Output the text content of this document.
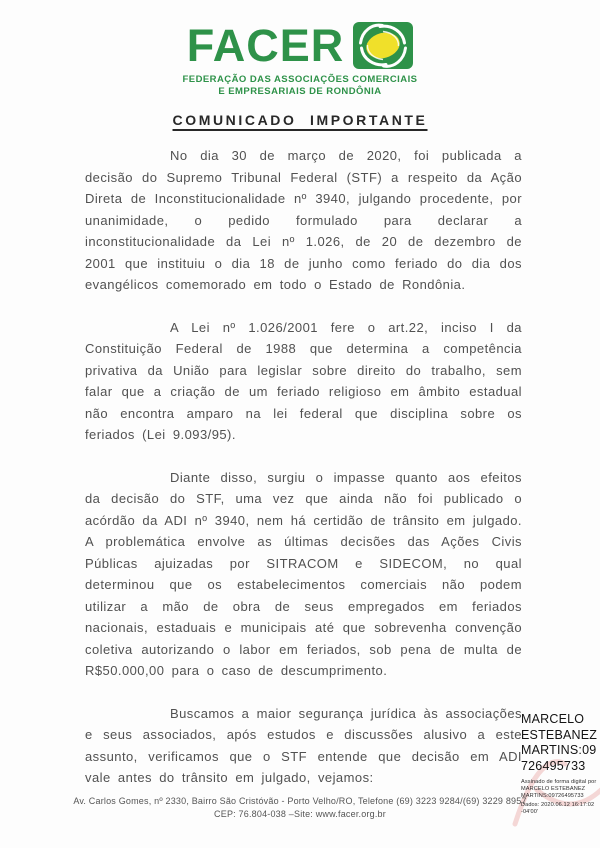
FACER
FEDERAÇÃO DAS ASSOCIAÇÕES COMERCIAIS
E EMPRESARIAIS DE RONDÔNIA
COMUNICADO IMPORTANTE

No dia 30 de março de 2020, foi publicada a decisão do Supremo Tribunal Federal (STF) a respeito da Ação Direta de Inconstitucionalidade nº 3940, julgando procedente, por unanimidade, o pedido formulado para declarar a inconstitucionalidade da Lei nº 1.026, de 20 de dezembro de 2001 que instituiu o dia 18 de junho como feriado do dia dos evangélicos comemorado em todo o Estado de Rondônia.

A Lei nº 1.026/2001 fere o art.22, inciso I da Constituição Federal de 1988 que determina a competência privativa da União para legislar sobre direito do trabalho, sem falar que a criação de um feriado religioso em âmbito estadual não encontra amparo na lei federal que disciplina sobre os feriados (Lei 9.093/95).

Diante disso, surgiu o impasse quanto aos efeitos da decisão do STF, uma vez que ainda não foi publicado o acórdão da ADI nº 3940, nem há certidão de trânsito em julgado. A problemática envolve as últimas decisões das Ações Civis Públicas ajuizadas por SITRACOM e SIDECOM, no qual determinou que os estabelecimentos comerciais não podem utilizar a mão de obra de seus empregados em feriados nacionais, estaduais e municipais até que sobrevenha convenção coletiva autorizando o labor em feriados, sob pena de multa de R$50.000,00 para o caso de descumprimento.

Buscamos a maior segurança jurídica às associações e seus associados, após estudos e discussões alusivo a este assunto, verificamos que o STF entende que decisão em ADI vale antes do trânsito em julgado, vejamos:

MARCELO
ESTEBANEZ
MARTINS:09
726495733
Assinado de forma digital por MARCELO ESTEBANEZ MARTINS:09726495733
Dados: 2020.06.12 16:17:02 -04'00'
Av. Carlos Gomes, nº 2330, Bairro São Cristóvão - Porto Velho/RO, Telefone (69) 3223 9284/(69) 3229 8957
CEP: 76.804-038 –Site: www.facer.org.br
